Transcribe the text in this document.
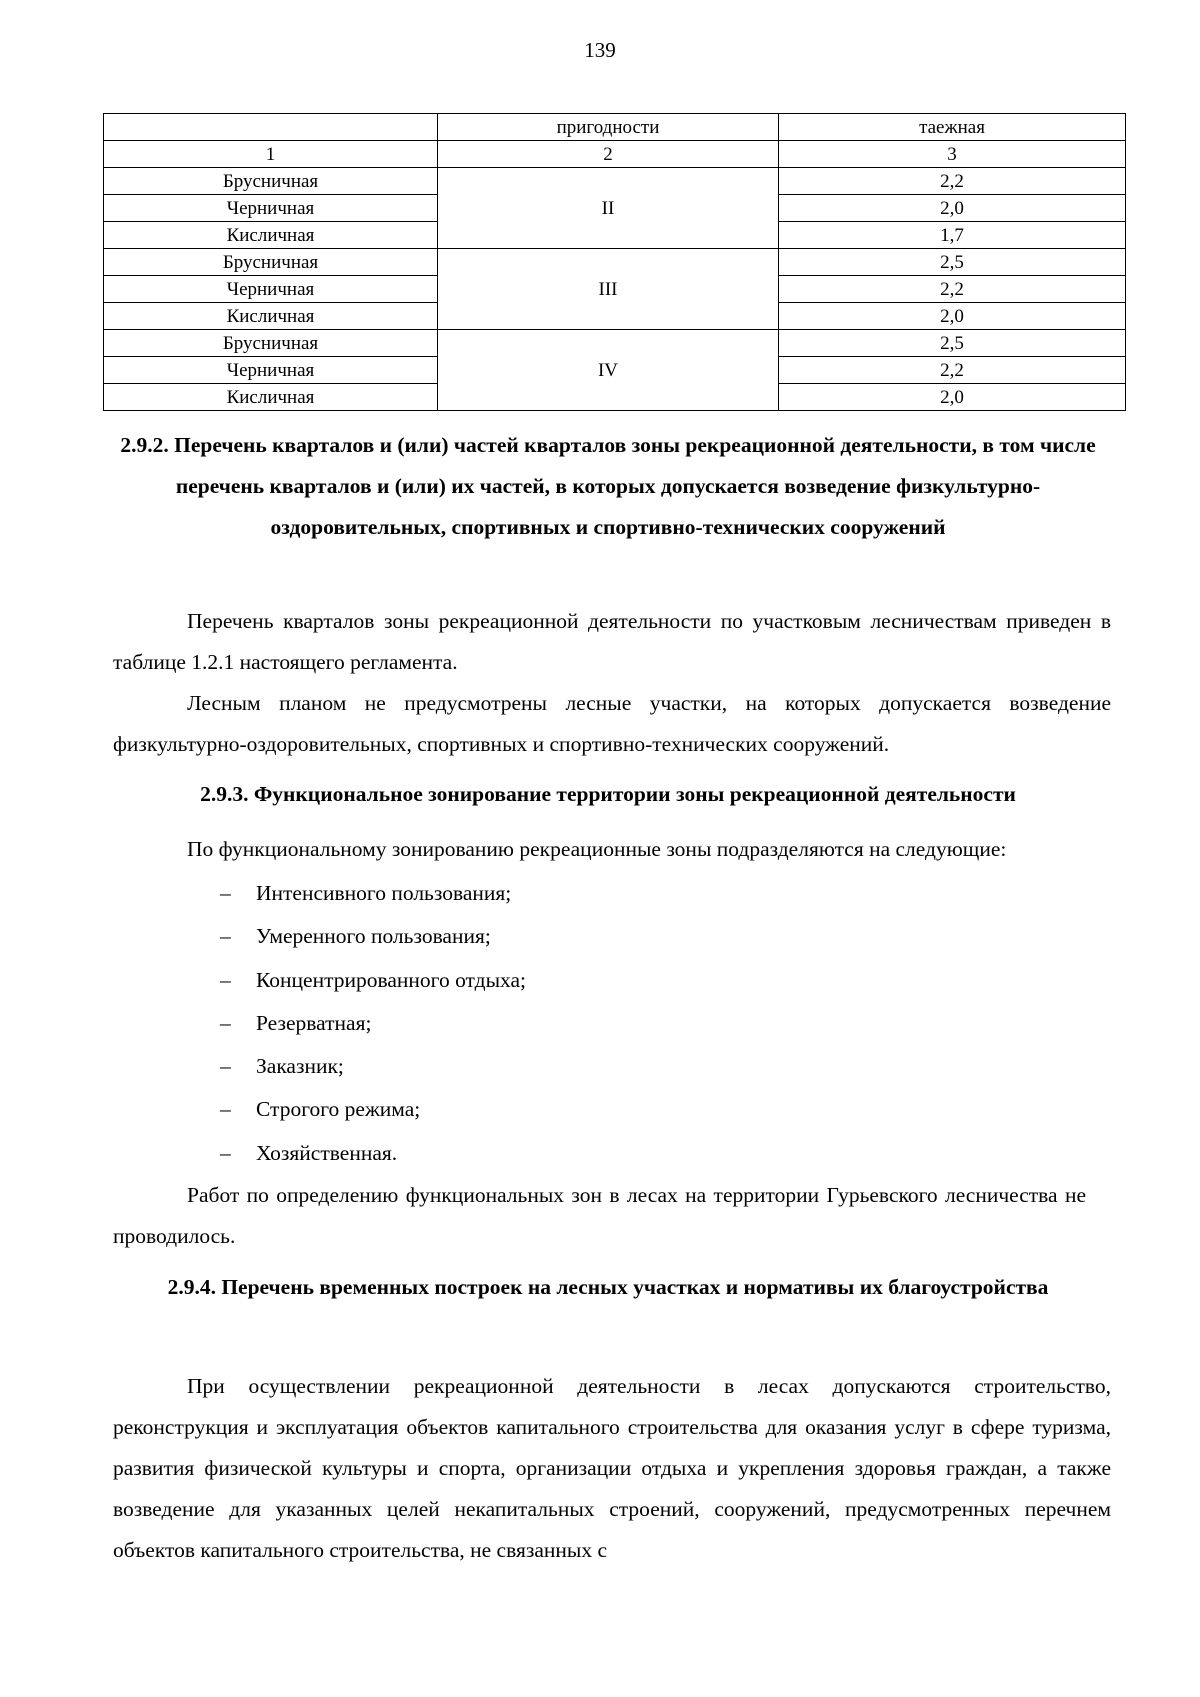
139
	пригодности	таежная
1	2	3
Брусничная	II	2,2
Черничная		2,0
Кисличная		1,7
Брусничная	III	2,5
Черничная		2,2
Кисличная		2,0
Брусничная	IV	2,5
Черничная		2,2
Кисличная		2,0
2.9.2. Перечень кварталов и (или) частей кварталов зоны рекреационной деятельности, в том числе перечень кварталов и (или) их частей, в которых допускается возведение физкультурно-оздоровительных, спортивных и спортивно-технических сооружений

Перечень кварталов зоны рекреационной деятельности по участковым лесничествам приведен в таблице 1.2.1 настоящего регламента.

Лесным планом не предусмотрены лесные участки, на которых допускается возведение физкультурно-оздоровительных, спортивных и спортивно-технических сооружений.

2.9.3. Функциональное зонирование территории зоны рекреационной деятельности

По функциональному зонированию рекреационные зоны подразделяются на следующие:

– Интенсивного пользования;
– Умеренного пользования;
– Концентрированного отдыха;
– Резерватная;
– Заказник;
– Строгого режима;
– Хозяйственная.

Работ по определению функциональных зон в лесах на территории Гурьевского лесничества не проводилось.

2.9.4. Перечень временных построек на лесных участках и нормативы их благоустройства

При осуществлении рекреационной деятельности в лесах допускаются строительство, реконструкция и эксплуатация объектов капитального строительства для оказания услуг в сфере туризма, развития физической культуры и спорта, организации отдыха и укрепления здоровья граждан, а также возведение для указанных целей некапитальных строений, сооружений, предусмотренных перечнем объектов капитального строительства, не связанных с
